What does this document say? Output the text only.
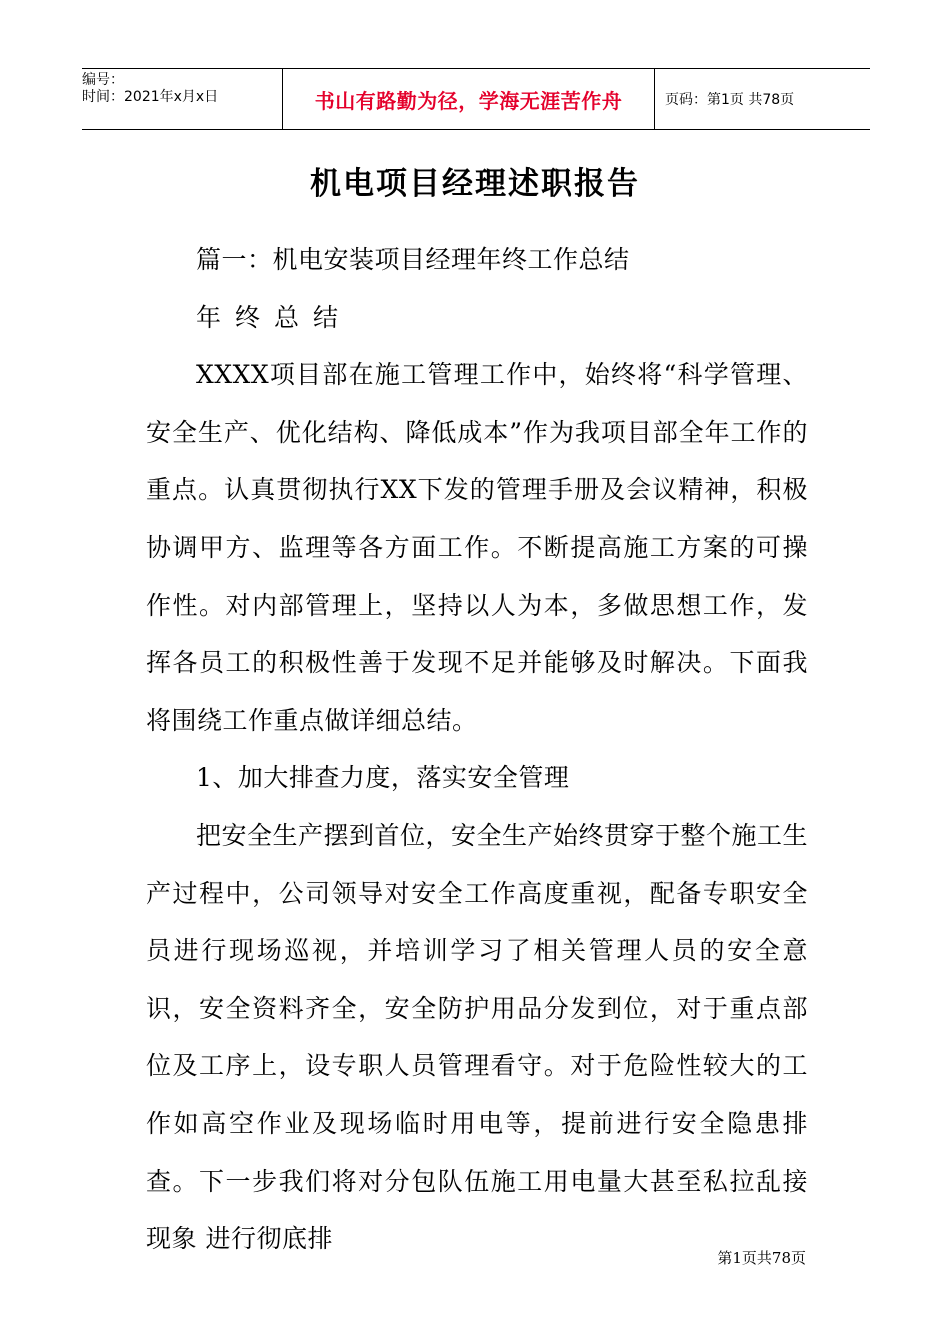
编号：
时间：2021年x月x日	书山有路勤为径，学海无涯苦作舟	页码：第1页 共78页
机电项目经理述职报告

篇一：机电安装项目经理年终工作总结

年终总结

XXXX项目部在施工管理工作中，始终将“科学管理、安全生产、优化结构、降低成本”作为我项目部全年工作的重点。认真贯彻执行XX下发的管理手册及会议精神，积极协调甲方、监理等各方面工作。不断提高施工方案的可操作性。对内部管理上，坚持以人为本，多做思想工作，发挥各员工的积极性善于发现不足并能够及时解决。下面我将围绕工作重点做详细总结。

1、加大排查力度，落实安全管理

把安全生产摆到首位，安全生产始终贯穿于整个施工生产过程中，公司领导对安全工作高度重视，配备专职安全员进行现场巡视，并培训学习了相关管理人员的安全意识，安全资料齐全，安全防护用品分发到位，对于重点部位及工序上，设专职人员管理看守。对于危险性较大的工作如高空作业及现场临时用电等，提前进行安全隐患排查。下一步我们将对分包队伍施工用电量大甚至私拉乱接现象 进行彻底排

第1页共78页
